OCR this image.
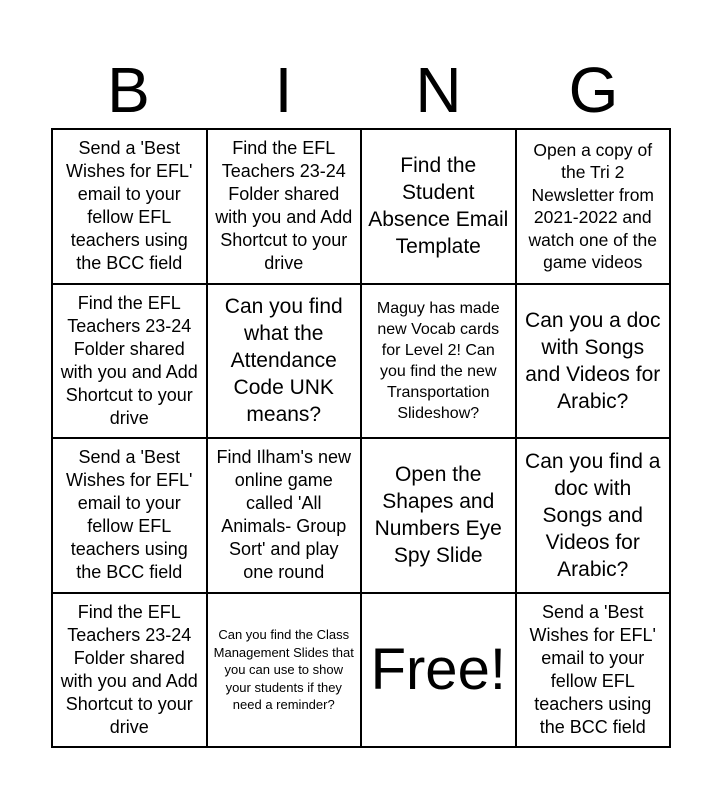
B	I	N	G
Send a 'Best Wishes for EFL' email to your fellow EFL teachers using the BCC field
Find the EFL Teachers 23-24 Folder shared with you and Add Shortcut to your drive
Find the Student Absence Email Template
Open a copy of the Tri 2 Newsletter from 2021-2022 and watch one of the game videos
Find the EFL Teachers 23-24 Folder shared with you and Add Shortcut to your drive
Can you find what the Attendance Code UNK means?
Maguy has made new Vocab cards for Level 2! Can you find the new Transportation Slideshow?
Can you a doc with Songs and Videos for Arabic?
Send a 'Best Wishes for EFL' email to your fellow EFL teachers using the BCC field
Find Ilham's new online game called 'All Animals- Group Sort' and play one round
Open the Shapes and Numbers Eye Spy Slide
Can you find a doc with Songs and Videos for Arabic?
Find the EFL Teachers 23-24 Folder shared with you and Add Shortcut to your drive
Can you find the Class Management Slides that you can use to show your students if they need a reminder?
Free!
Send a 'Best Wishes for EFL' email to your fellow EFL teachers using the BCC field
